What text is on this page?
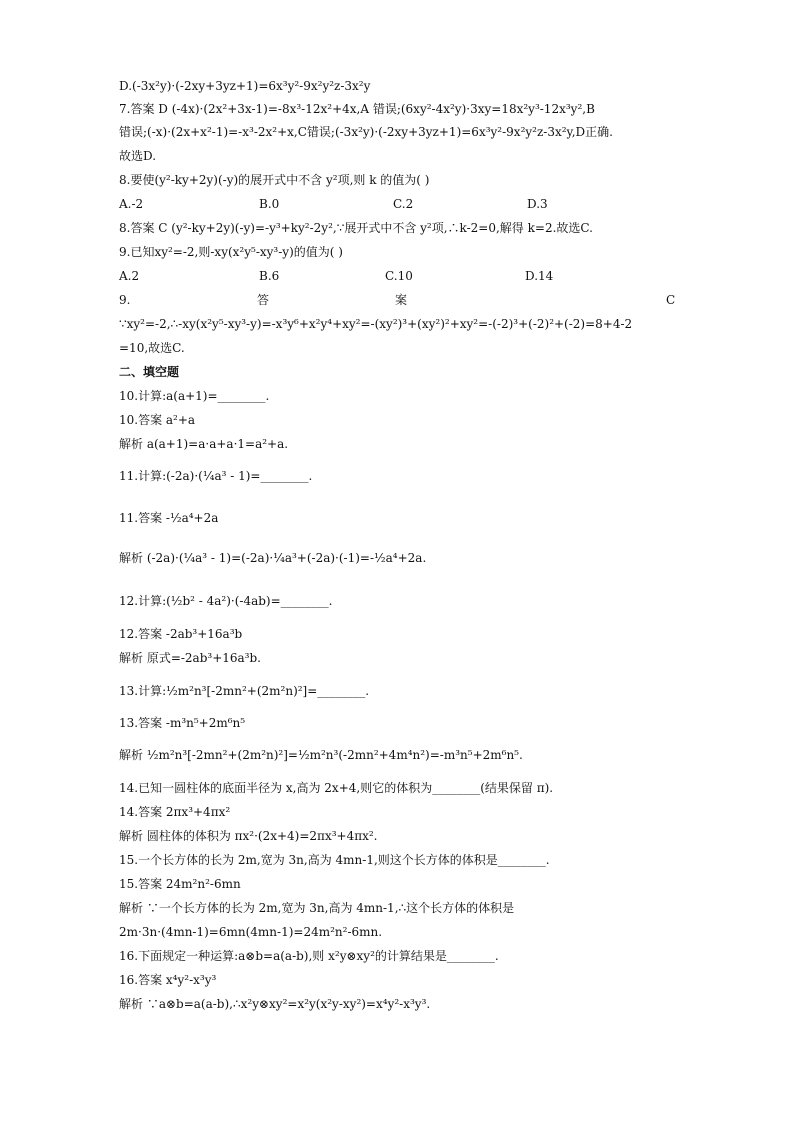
D.(-3x²y)·(-2xy+3yz+1)=6x³y²-9x²y²z-3x²y
7.答案 D (-4x)·(2x²+3x-1)=-8x³-12x²+4x,A 错误;(6xy²-4x²y)·3xy=18x²y³-12x³y²,B
错误;(-x)·(2x+x²-1)=-x³-2x²+x,C错误;(-3x²y)·(-2xy+3yz+1)=6x³y²-9x²y²z-3x²y,D正确.
故选D.
8.要使(y²-ky+2y)(-y)的展开式中不含 y²项,则 k 的值为( )
A.-2	B.0	C.2	D.3
8.答案 C (y²-ky+2y)(-y)=-y³+ky²-2y²,∵展开式中不含 y²项,∴k-2=0,解得 k=2.故选C.
9.已知xy²=-2,则-xy(x²y⁵-xy³-y)的值为( )
A.2	B.6	C.10	D.14
9.	答	案	C
∵xy²=-2,∴-xy(x²y⁵-xy³-y)=-x³y⁶+x²y⁴+xy²=-(xy²)³+(xy²)²+xy²=-(-2)³+(-2)²+(-2)=8+4-2
=10,故选C.
二、填空题
10.计算:a(a+1)=________.
10.答案 a²+a
解析 a(a+1)=a·a+a·1=a²+a.
11.计算:(-2a)·(¼a³ - 1)=________.
11.答案 -½a⁴+2a
解析 (-2a)·(¼a³ - 1)=(-2a)·¼a³+(-2a)·(-1)=-½a⁴+2a.
12.计算:(½b² - 4a²)·(-4ab)=________.
12.答案 -2ab³+16a³b
解析 原式=-2ab³+16a³b.
13.计算:½m²n³[-2mn²+(2m²n)²]=________.
13.答案 -m³n⁵+2m⁶n⁵
解析 ½m²n³[-2mn²+(2m²n)²]=½m²n³(-2mn²+4m⁴n²)=-m³n⁵+2m⁶n⁵.
14.已知一圆柱体的底面半径为 x,高为 2x+4,则它的体积为________(结果保留 π).
14.答案 2πx³+4πx²
解析 圆柱体的体积为 πx²·(2x+4)=2πx³+4πx².
15.一个长方体的长为 2m,宽为 3n,高为 4mn-1,则这个长方体的体积是________.
15.答案 24m²n²-6mn
解析 ∵一个长方体的长为 2m,宽为 3n,高为 4mn-1,∴这个长方体的体积是
2m·3n·(4mn-1)=6mn(4mn-1)=24m²n²-6mn.
16.下面规定一种运算:a⊗b=a(a-b),则 x²y⊗xy²的计算结果是________.
16.答案 x⁴y²-x³y³
解析 ∵a⊗b=a(a-b),∴x²y⊗xy²=x²y(x²y-xy²)=x⁴y²-x³y³.
